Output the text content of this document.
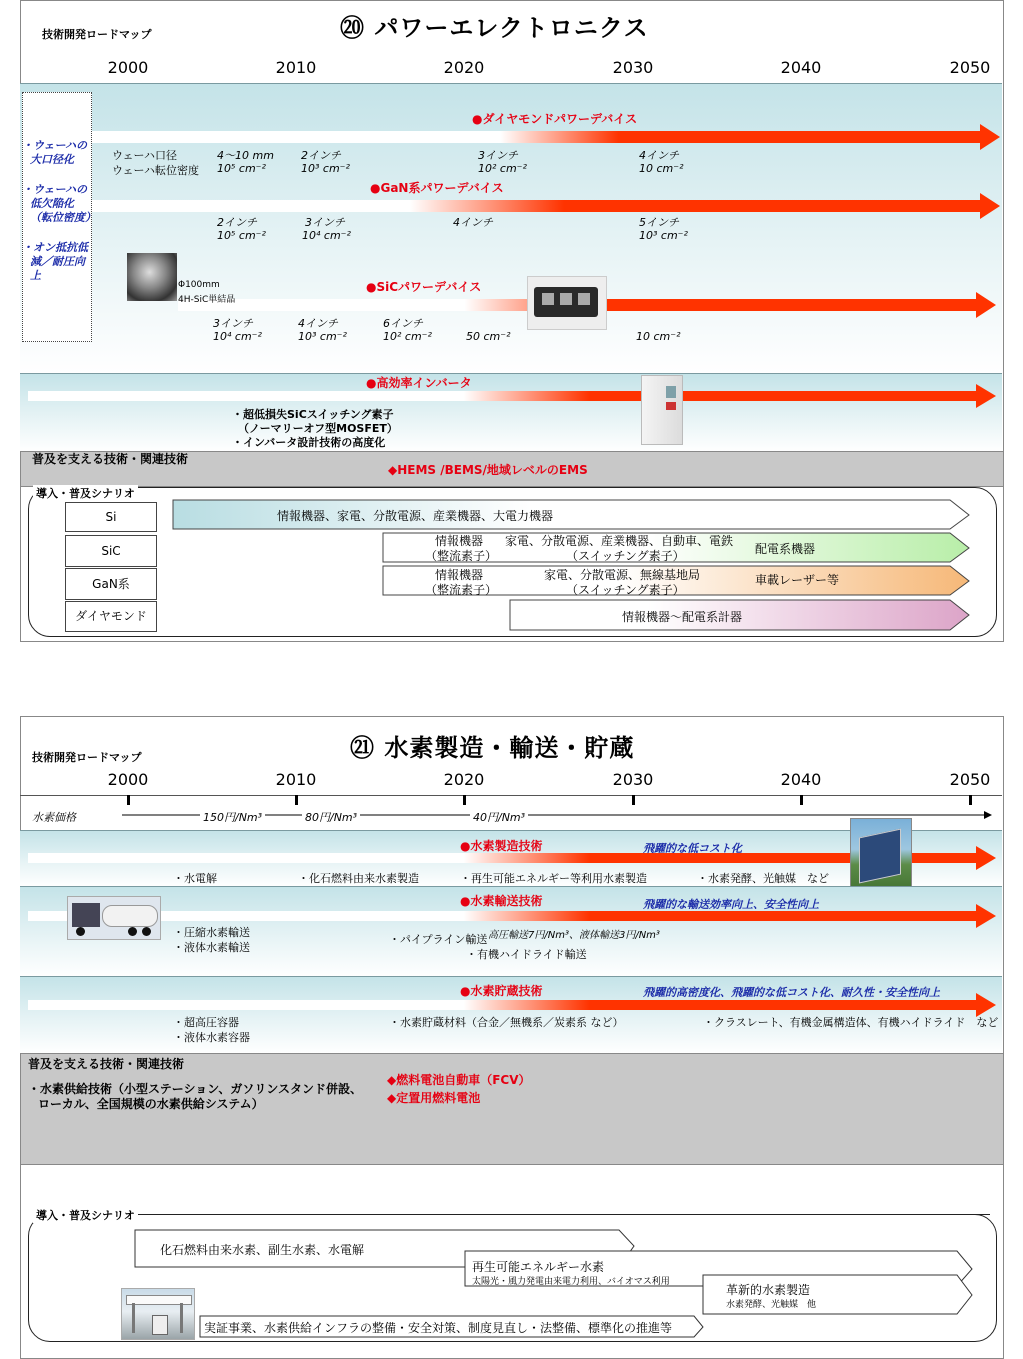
技術開発ロードマップ	⑳ パワーエレクトロニクス
2000	2010	2020	2030	2040	2050
・ウェーハの
大口径化
・ウェーハの
低欠陥化
（転位密度）
・オン抵抗低
減／耐圧向
上
●ダイヤモンドパワーデバイス
ウェーハ口径
ウェーハ転位密度
4〜10 mm
10⁵ cm⁻²
2インチ
10³ cm⁻²
3インチ
10² cm⁻²
4インチ
10 cm⁻²
●GaN系パワーデバイス
2インチ
10⁵ cm⁻²
3インチ
10⁴ cm⁻²
4インチ	5インチ
10³ cm⁻²
Φ100mm
4H-SiC単結晶
●SiCパワーデバイス
3インチ
10⁴ cm⁻²
4インチ
10³ cm⁻²
6インチ
10² cm⁻²	50 cm⁻²	10 cm⁻²
●高効率インバータ
・超低損失SiCスイッチング素子
（ノーマリーオフ型MOSFET）
・インバータ設計技術の高度化
普及を支える技術・関連技術
◆HEMS /BEMS/地域レベルのEMS
導入・普及シナリオ
Si
SiC
GaN系
ダイヤモンド
情報機器、家電、分散電源、産業機器、大電力機器
情報機器
（整流素子）
家電、分散電源、産業機器、自動車、電鉄
（スイッチング素子）	配電系機器
情報機器
（整流素子）
家電、分散電源、無線基地局
（スイッチング素子）
車載レーザー等
情報機器〜配電系計器
技術開発ロードマップ	㉑ 水素製造・輸送・貯蔵
2000	2010	2020	2030	2040	2050
水素価格	150円/Nm³	80円/Nm³	40円/Nm³
●水素製造技術	飛躍的な低コスト化
・水電解	・化石燃料由来水素製造	・再生可能エネルギー等利用水素製造	・水素発酵、光触媒　など
●水素輸送技術	飛躍的な輸送効率向上、安全性向上
・圧縮水素輸送
・液体水素輸送
・パイプライン輸送 高圧輸送7円/Nm³、液体輸送3円/Nm³
・有機ハイドライド輸送
●水素貯蔵技術	飛躍的高密度化、飛躍的な低コスト化、耐久性・安全性向上
・超高圧容器
・液体水素容器
・水素貯蔵材料（合金／無機系／炭素系 など）	・クラスレート、有機金属構造体、有機ハイドライド　など
普及を支える技術・関連技術
・水素供給技術（小型ステーション、ガソリンスタンド併設、
ローカル、全国規模の水素供給システム）
◆燃料電池自動車（FCV）
◆定置用燃料電池
導入・普及シナリオ
化石燃料由来水素、副生水素、水電解
再生可能エネルギー水素
太陽光・風力発電由来電力利用、バイオマス利用
革新的水素製造
水素発酵、光触媒　他
実証事業、水素供給インフラの整備・安全対策、制度見直し・法整備、標準化の推進等
